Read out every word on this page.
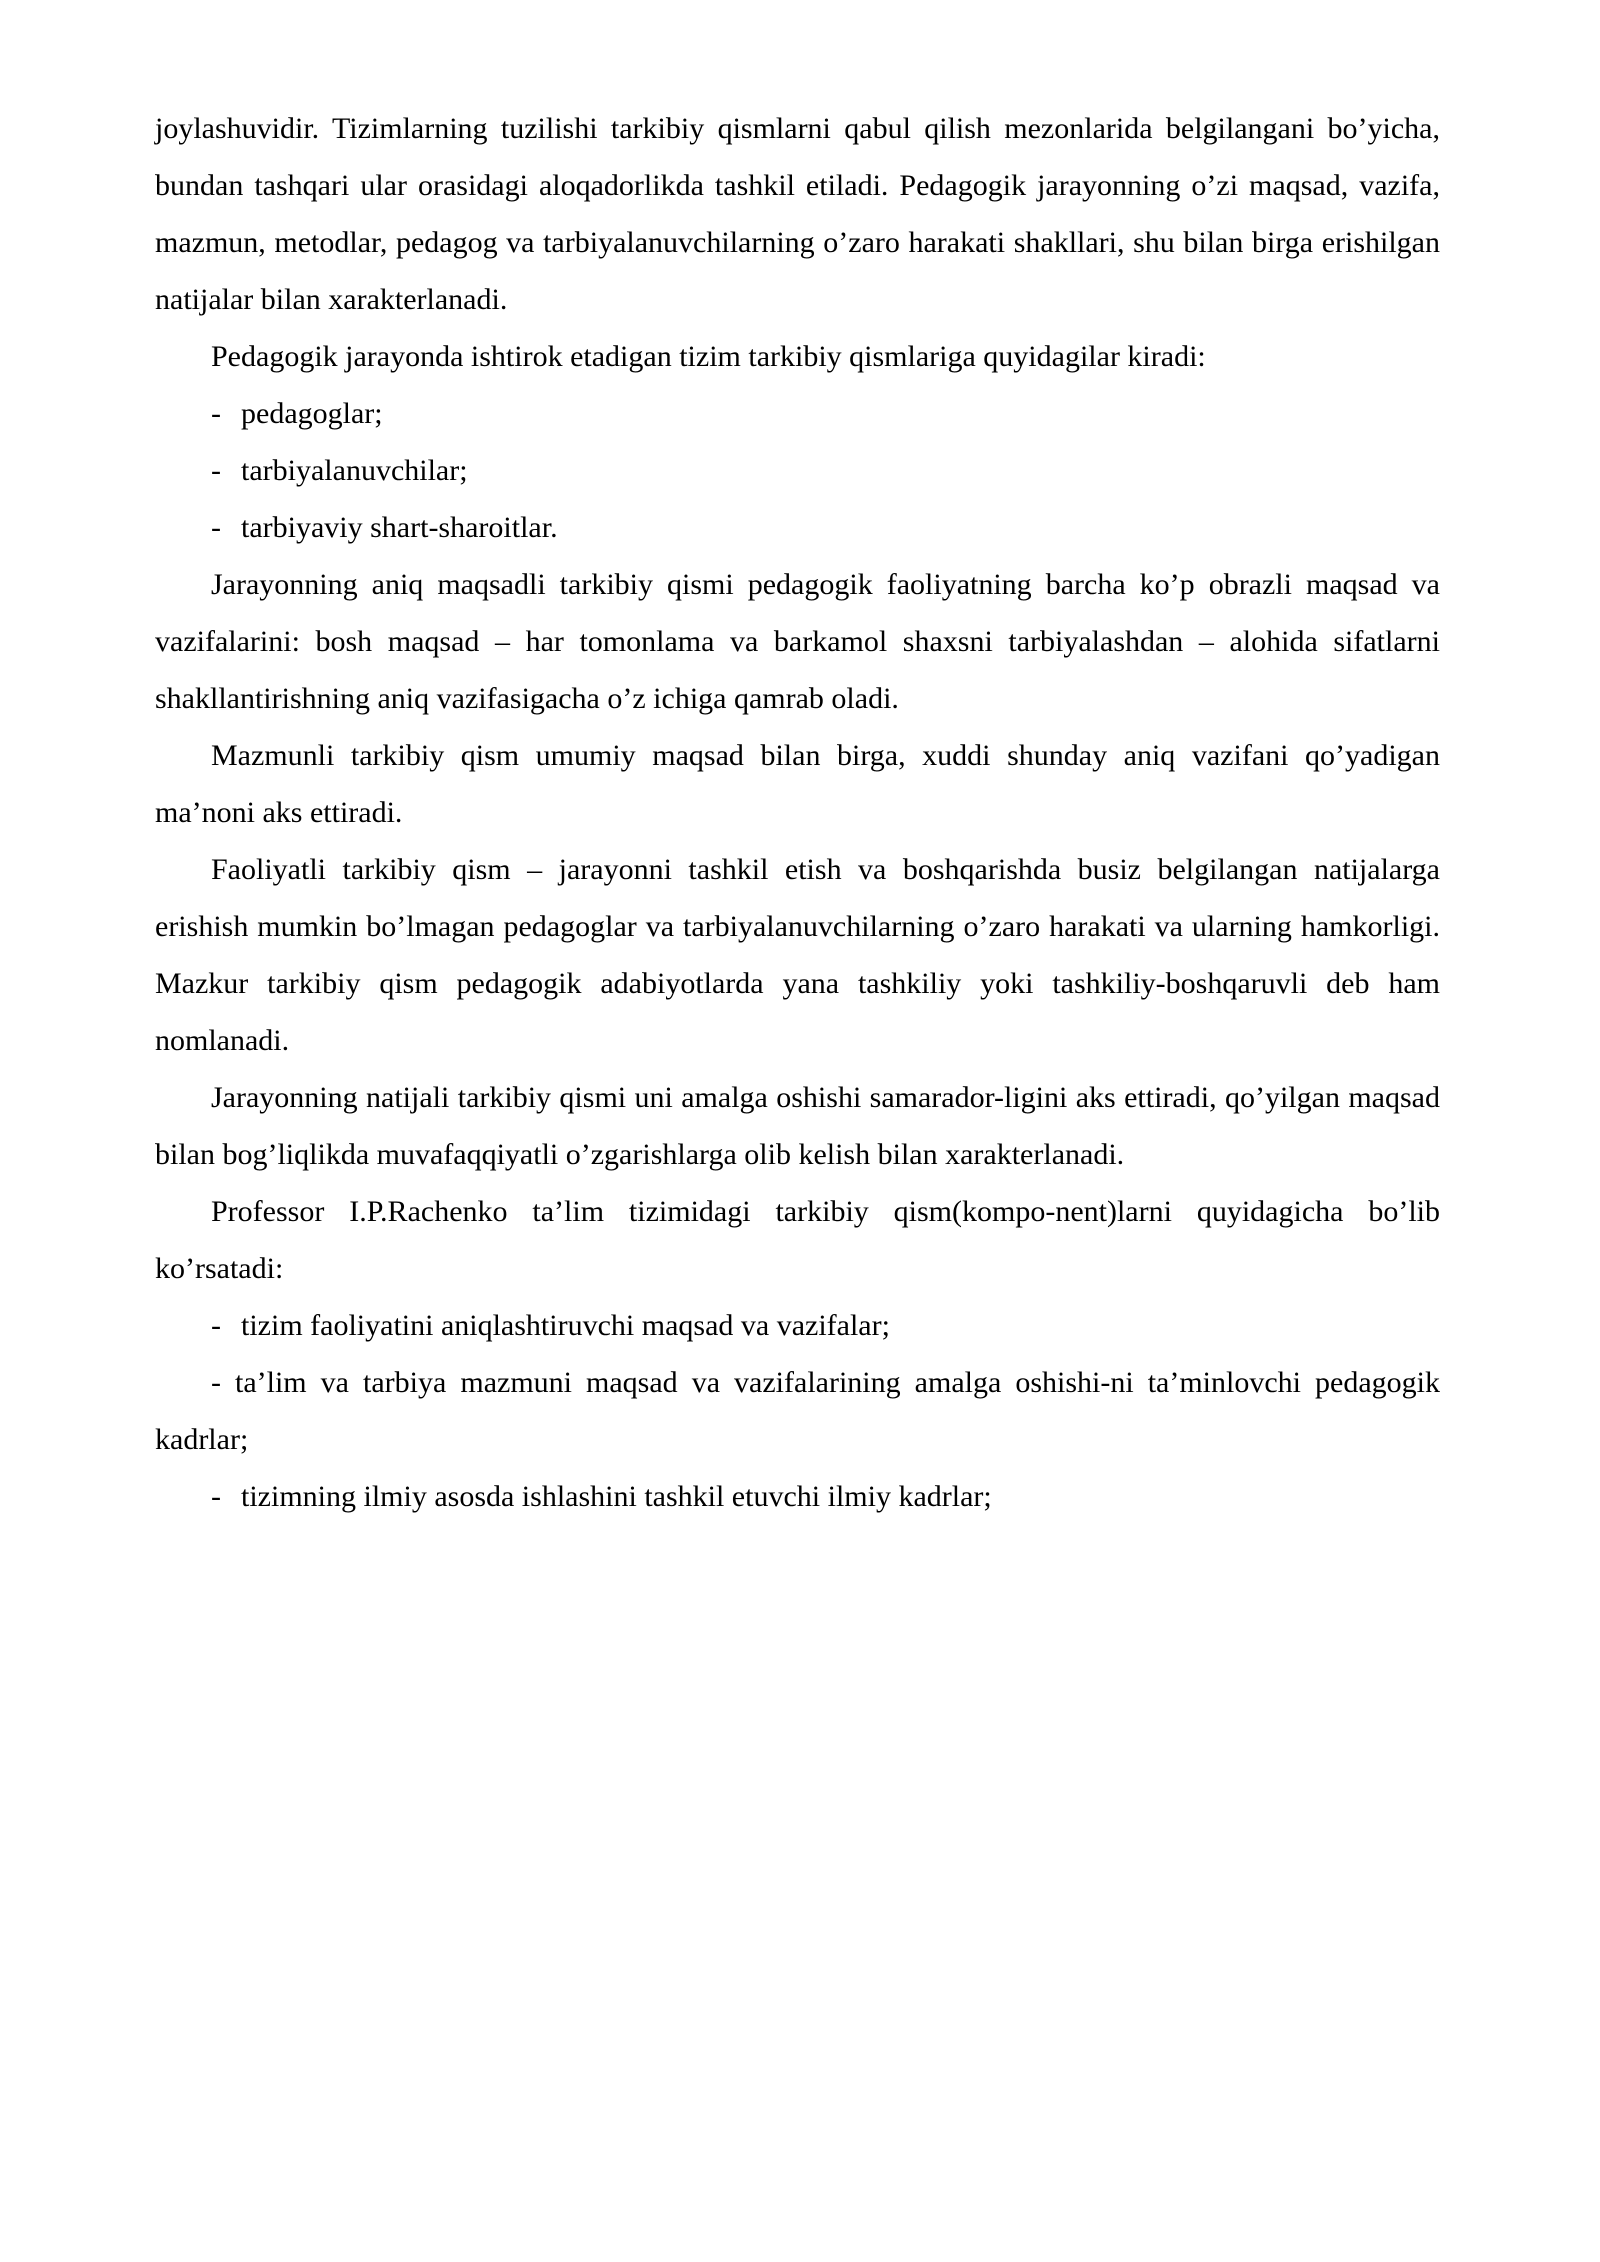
joylashuvidir. Tizimlarning tuzilishi tarkibiy qismlarni qabul qilish mezonlarida belgilangani bo’yicha, bundan tashqari ular orasidagi aloqadorlikda tashkil etiladi. Pedagogik jarayonning o’zi maqsad, vazifa, mazmun, metodlar, pedagog va tarbiyalanuvchilarning o’zaro harakati shakllari, shu bilan birga erishilgan natijalar bilan xarakterlanadi.

Pedagogik jarayonda ishtirok etadigan tizim tarkibiy qismlariga quyidagilar kiradi:

- pedagoglar;
- tarbiyalanuvchilar;
- tarbiyaviy shart-sharoitlar.

Jarayonning aniq maqsadli tarkibiy qismi pedagogik faoliyatning barcha ko’p obrazli maqsad va vazifalarini: bosh maqsad – har tomonlama va barkamol shaxsni tarbiyalashdan – alohida sifatlarni shakllantirishning aniq vazifasigacha o’z ichiga qamrab oladi.

Mazmunli tarkibiy qism umumiy maqsad bilan birga, xuddi shunday aniq vazifani qo’yadigan ma’noni aks ettiradi.

Faoliyatli tarkibiy qism – jarayonni tashkil etish va boshqarishda busiz belgilangan natijalarga erishish mumkin bo’lmagan pedagoglar va tarbiyalanuvchilarning o’zaro harakati va ularning hamkorligi. Mazkur tarkibiy qism pedagogik adabiyotlarda yana tashkiliy yoki tashkiliy-boshqaruvli deb ham nomlanadi.

Jarayonning natijali tarkibiy qismi uni amalga oshishi samarador-ligini aks ettiradi, qo’yilgan maqsad bilan bog’liqlikda muvafaqqiyatli o’zgarishlarga olib kelish bilan xarakterlanadi.

Professor I.P.Rachenko ta’lim tizimidagi tarkibiy qism(kompo-nent)larni quyidagicha bo’lib ko’rsatadi:

- tizim faoliyatini aniqlashtiruvchi maqsad va vazifalar;
- ta’lim va tarbiya mazmuni maqsad va vazifalarining amalga oshishi-ni ta’minlovchi pedagogik kadrlar;
- tizimning ilmiy asosda ishlashini tashkil etuvchi ilmiy kadrlar;
